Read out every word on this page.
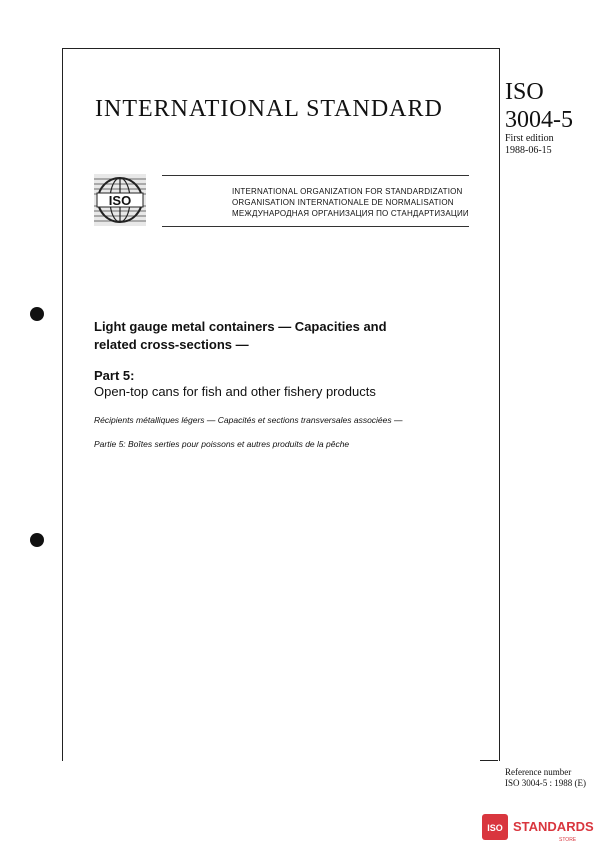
INTERNATIONAL STANDARD
ISO
3004-5
First edition
1988-06-15
ISO
INTERNATIONAL ORGANIZATION FOR STANDARDIZATION
ORGANISATION INTERNATIONALE DE NORMALISATION
МЕЖДУНАРОДНАЯ ОРГАНИЗАЦИЯ ПО СТАНДАРТИЗАЦИИ
Light gauge metal containers — Capacities and
related cross-sections —
Part 5:
Open-top cans for fish and other fishery products
Récipients métalliques légers — Capacités et sections transversales associées —
Partie 5: Boîtes serties pour poissons et autres produits de la pêche
Reference number
ISO 3004-5 : 1988 (E)
ISO STANDARDS
STORE
